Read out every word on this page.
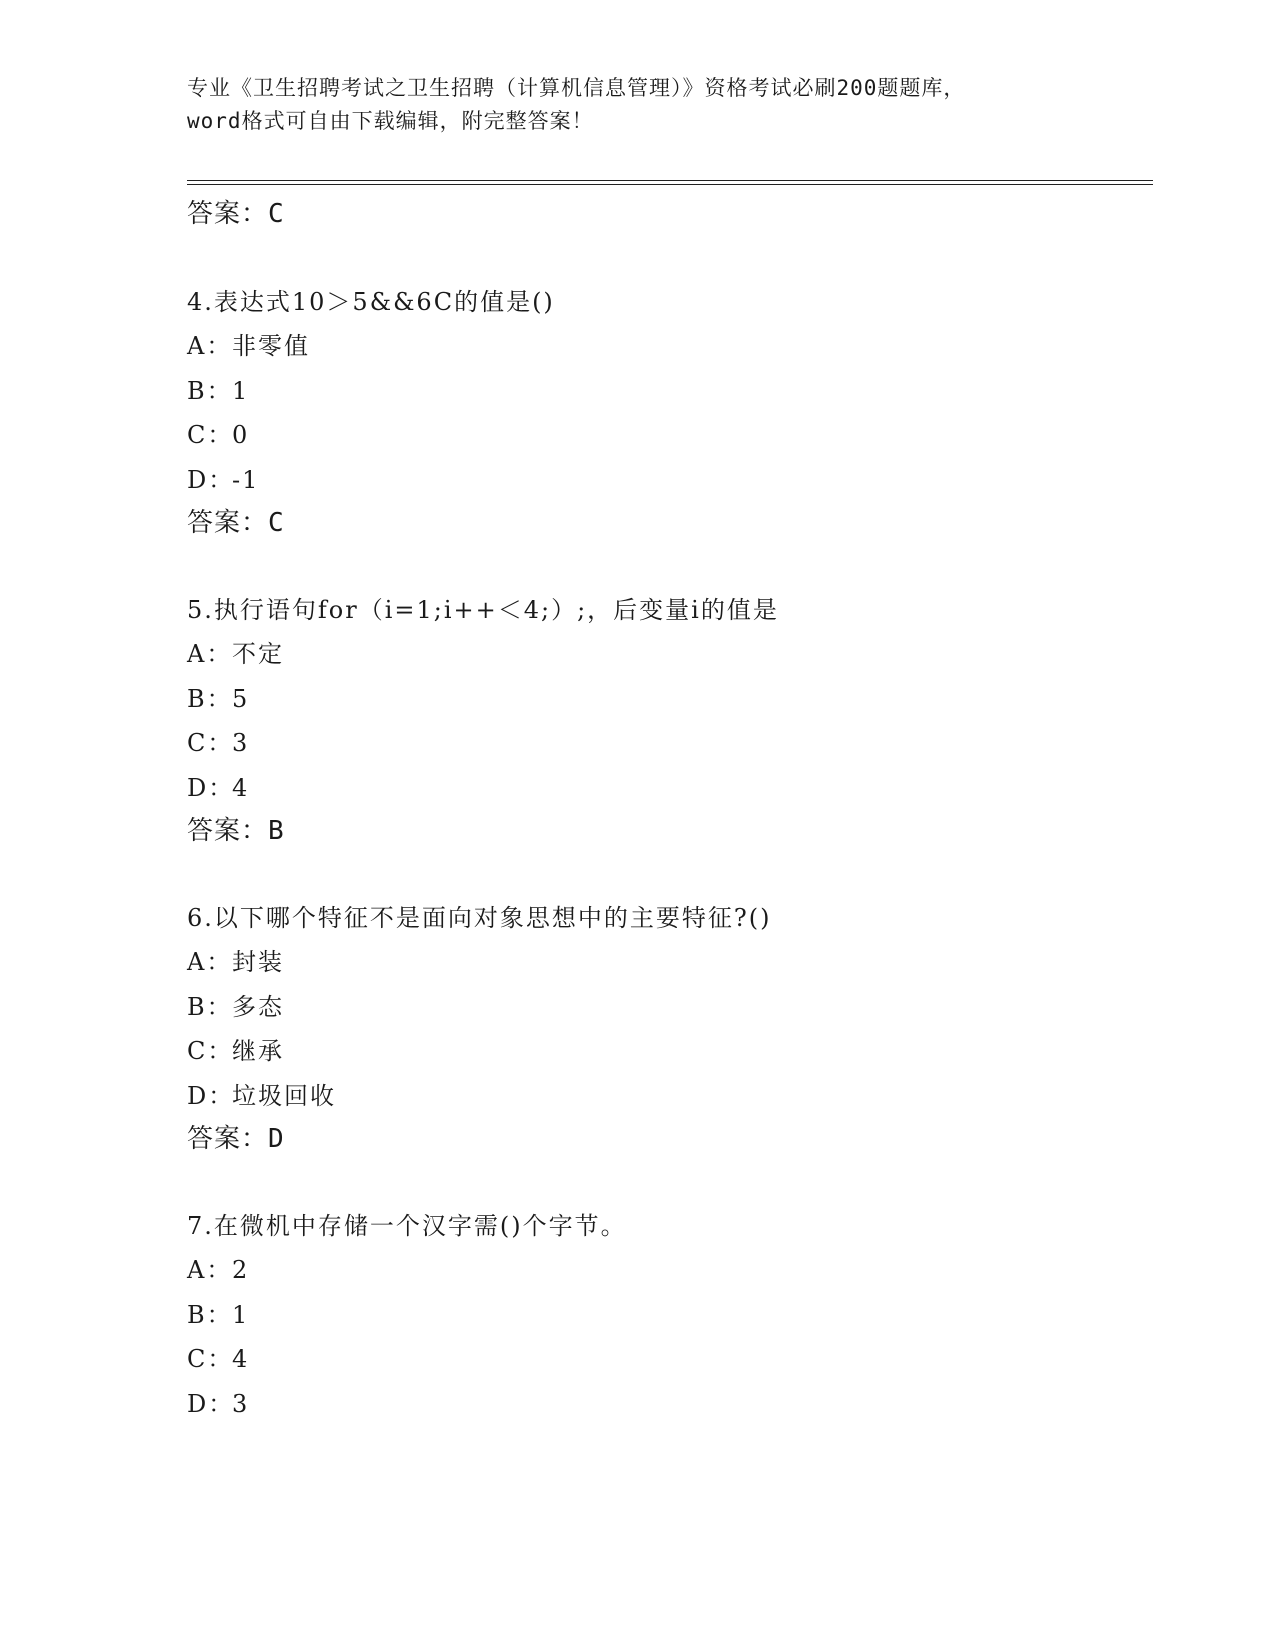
专业《卫生招聘考试之卫生招聘（计算机信息管理）》资格考试必刷200题题库，
word格式可自由下载编辑，附完整答案！
答案：C
4.表达式10＞5&&6C的值是()
A：非零值
B：1
C：0
D：-1
答案：C
5.执行语句for（i=1;i++＜4;）;，后变量i的值是
A：不定
B：5
C：3
D：4
答案：B
6.以下哪个特征不是面向对象思想中的主要特征?()
A：封装
B：多态
C：继承
D：垃圾回收
答案：D
7.在微机中存储一个汉字需()个字节。
A：2
B：1
C：4
D：3
